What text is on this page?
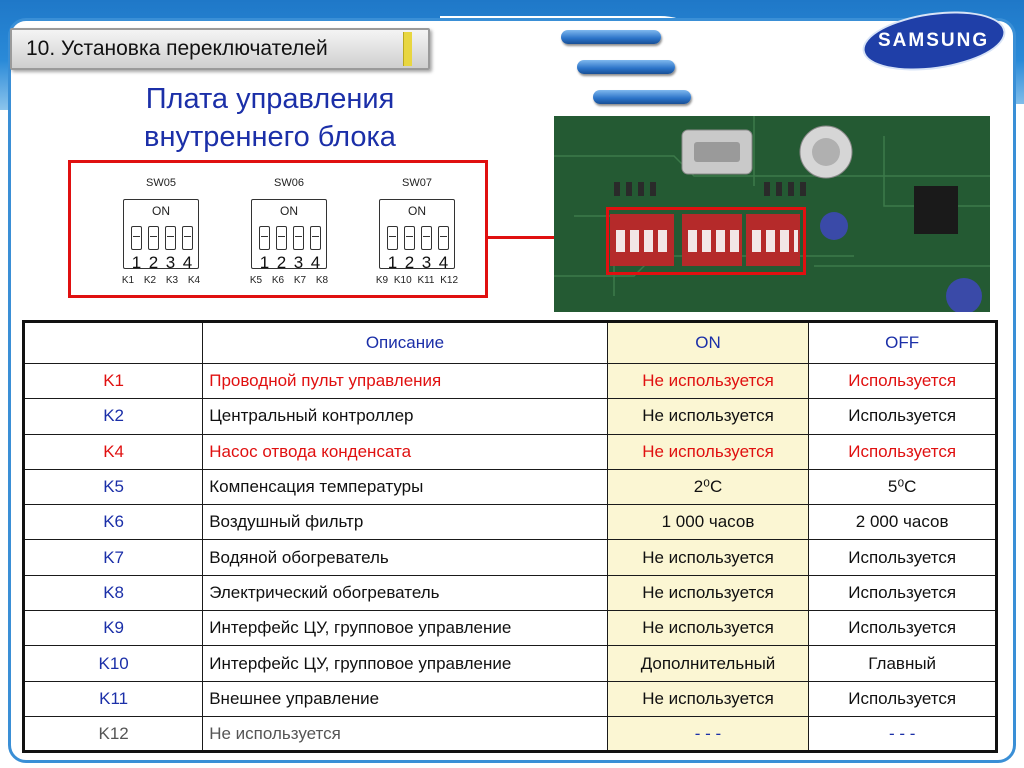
10. Установка переключателей	SAMSUNG
Плата управления
внутреннего блока
SW05
ON
1 2 3 4
K1 K2 K3 K4
SW06
ON
1 2 3 4
K5 K6 K7 K8
SW07
ON
1 2 3 4
K9 K10 K11 K12
	Описание	ON	OFF
K1	Проводной пульт управления	Не используется	Используется
K2	Центральный контроллер	Не используется	Используется
K4	Насос отвода конденсата	Не используется	Используется
K5	Компенсация температуры	2⁰C	5⁰C
K6	Воздушный фильтр	1 000 часов	2 000 часов
K7	Водяной обогреватель	Не используется	Используется
K8	Электрический обогреватель	Не используется	Используется
K9	Интерфейс ЦУ, групповое управление	Не используется	Используется
K10	Интерфейс ЦУ, групповое управление	Дополнительный	Главный
K11	Внешнее управление	Не используется	Используется
K12	Не используется	- - -	- - -
